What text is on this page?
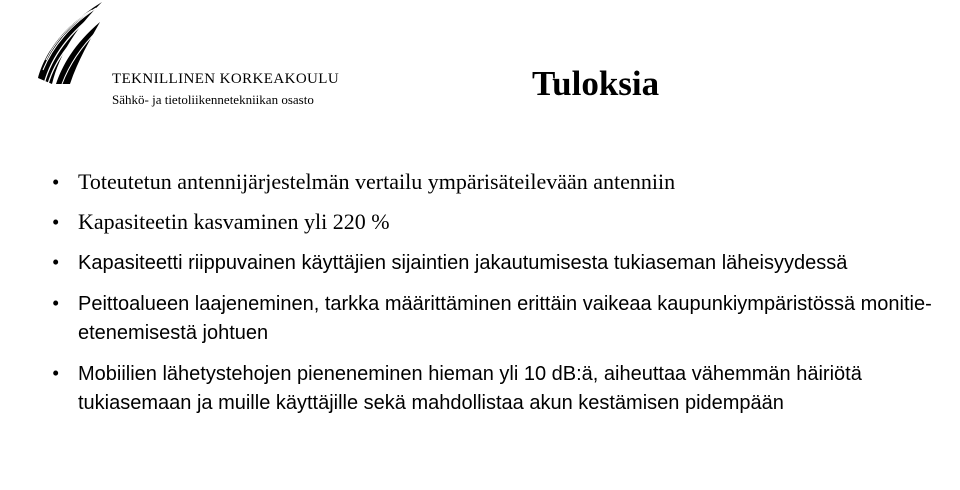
TEKNILLINEN KORKEAKOULU
Sähkö- ja tietoliikennetekniikan osasto	Tuloksia
• Toteutetun antennijärjestelmän vertailu ympärisäteilevään antenniin
• Kapasiteetin kasvaminen yli 220 %
• Kapasiteetti riippuvainen käyttäjien sijaintien jakautumisesta tukiaseman läheisyydessä
• Peittoalueen laajeneminen, tarkka määrittäminen erittäin vaikeaa kaupunkiympäristössä monitie-etenemisestä johtuen
• Mobiilien lähetystehojen pieneneminen hieman yli 10 dB:ä, aiheuttaa vähemmän häiriötä tukiasemaan ja muille käyttäjille sekä mahdollistaa akun kestämisen pidempään
